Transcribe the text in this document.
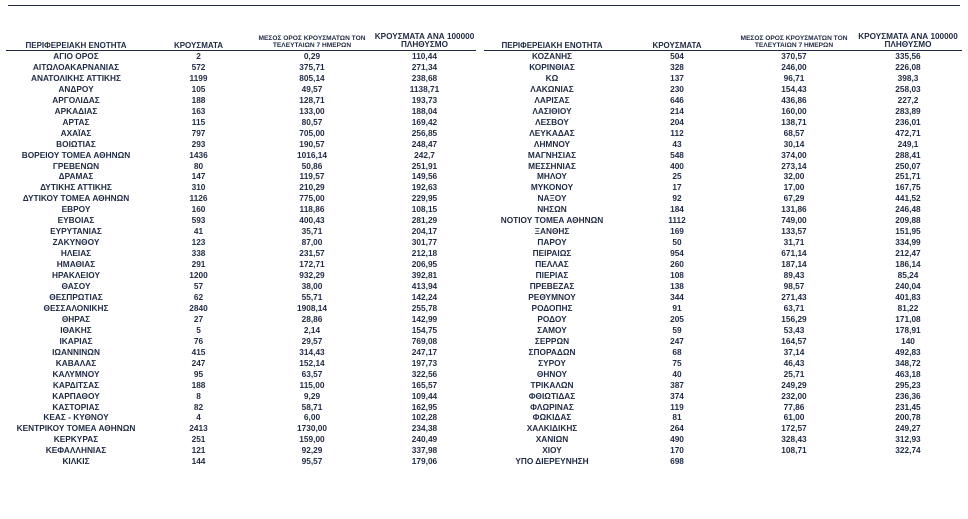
ΠΕΡΙΦΕΡΕΙΑΚΗ ΕΝΟΤΗΤΑ	ΚΡΟΥΣΜΑΤΑ	ΜΕΣΟΣ ΟΡΟΣ ΚΡΟΥΣΜΑΤΩΝ ΤΟΝ ΤΕΛΕΥΤΑΙΩΝ 7 ΗΜΕΡΩΝ	ΚΡΟΥΣΜΑΤΑ ΑΝΑ 100000 ΠΛΗΘΥΣΜΟ
ΑΓΙΟ ΟΡΟΣ	2	0,29	110,44
ΑΙΤΩΛΟΑΚΑΡΝΑΝΙΑΣ	572	375,71	271,34
ΑΝΑΤΟΛΙΚΗΣ ΑΤΤΙΚΗΣ	1199	805,14	238,68
ΑΝΔΡΟΥ	105	49,57	1138,71
ΑΡΓΟΛΙΔΑΣ	188	128,71	193,73
ΑΡΚΑΔΙΑΣ	163	133,00	188,04
ΑΡΤΑΣ	115	80,57	169,42
ΑΧΑΪΑΣ	797	705,00	256,85
ΒΟΙΩΤΙΑΣ	293	190,57	248,47
ΒΟΡΕΙΟΥ ΤΟΜΕΑ ΑΘΗΝΩΝ	1436	1016,14	242,7
ΓΡΕΒΕΝΩΝ	80	50,86	251,91
ΔΡΑΜΑΣ	147	119,57	149,56
ΔΥΤΙΚΗΣ ΑΤΤΙΚΗΣ	310	210,29	192,63
ΔΥΤΙΚΟΥ ΤΟΜΕΑ ΑΘΗΝΩΝ	1126	775,00	229,95
ΕΒΡΟΥ	160	118,86	108,15
ΕΥΒΟΙΑΣ	593	400,43	281,29
ΕΥΡΥΤΑΝΙΑΣ	41	35,71	204,17
ΖΑΚΥΝΘΟΥ	123	87,00	301,77
ΗΛΕΙΑΣ	338	231,57	212,18
ΗΜΑΘΙΑΣ	291	172,71	206,95
ΗΡΑΚΛΕΙΟΥ	1200	932,29	392,81
ΘΑΣΟΥ	57	38,00	413,94
ΘΕΣΠΡΩΤΙΑΣ	62	55,71	142,24
ΘΕΣΣΑΛΟΝΙΚΗΣ	2840	1908,14	255,78
ΘΗΡΑΣ	27	28,86	142,99
ΙΘΑΚΗΣ	5	2,14	154,75
ΙΚΑΡΙΑΣ	76	29,57	769,08
ΙΩΑΝΝΙΝΩΝ	415	314,43	247,17
ΚΑΒΑΛΑΣ	247	152,14	197,73
ΚΑΛΥΜΝΟΥ	95	63,57	322,56
ΚΑΡΔΙΤΣΑΣ	188	115,00	165,57
ΚΑΡΠΑΘΟΥ	8	9,29	109,44
ΚΑΣΤΟΡΙΑΣ	82	58,71	162,95
ΚΕΑΣ - ΚΥΘΝΟΥ	4	6,00	102,28
ΚΕΝΤΡΙΚΟΥ ΤΟΜΕΑ ΑΘΗΝΩΝ	2413	1730,00	234,38
ΚΕΡΚΥΡΑΣ	251	159,00	240,49
ΚΕΦΑΛΛΗΝΙΑΣ	121	92,29	337,98
ΚΙΛΚΙΣ	144	95,57	179,06
ΠΕΡΙΦΕΡΕΙΑΚΗ ΕΝΟΤΗΤΑ	ΚΡΟΥΣΜΑΤΑ	ΜΕΣΟΣ ΟΡΟΣ ΚΡΟΥΣΜΑΤΩΝ ΤΟΝ ΤΕΛΕΥΤΑΙΩΝ 7 ΗΜΕΡΩΝ	ΚΡΟΥΣΜΑΤΑ ΑΝΑ 100000 ΠΛΗΘΥΣΜΟ
ΚΟΖΑΝΗΣ	504	370,57	335,56
ΚΟΡΙΝΘΙΑΣ	328	246,00	226,08
ΚΩ	137	96,71	398,3
ΛΑΚΩΝΙΑΣ	230	154,43	258,03
ΛΑΡΙΣΑΣ	646	436,86	227,2
ΛΑΣΙΘΙΟΥ	214	160,00	283,89
ΛΕΣΒΟΥ	204	138,71	236,01
ΛΕΥΚΑΔΑΣ	112	68,57	472,71
ΛΗΜΝΟΥ	43	30,14	249,1
ΜΑΓΝΗΣΙΑΣ	548	374,00	288,41
ΜΕΣΣΗΝΙΑΣ	400	273,14	250,07
ΜΗΛΟΥ	25	32,00	251,71
ΜΥΚΟΝΟΥ	17	17,00	167,75
ΝΑΞΟΥ	92	67,29	441,52
ΝΗΣΩΝ	184	131,86	246,48
ΝΟΤΙΟΥ ΤΟΜΕΑ ΑΘΗΝΩΝ	1112	749,00	209,88
ΞΑΝΘΗΣ	169	133,57	151,95
ΠΑΡΟΥ	50	31,71	334,99
ΠΕΙΡΑΙΩΣ	954	671,14	212,47
ΠΕΛΛΑΣ	260	187,14	186,14
ΠΙΕΡΙΑΣ	108	89,43	85,24
ΠΡΕΒΕΖΑΣ	138	98,57	240,04
ΡΕΘΥΜΝΟΥ	344	271,43	401,83
ΡΟΔΟΠΗΣ	91	63,71	81,22
ΡΟΔΟΥ	205	156,29	171,08
ΣΑΜΟΥ	59	53,43	178,91
ΣΕΡΡΩΝ	247	164,57	140
ΣΠΟΡΑΔΩΝ	68	37,14	492,83
ΣΥΡΟΥ	75	46,43	348,72
ΘΗΝΟΥ	40	25,71	463,18
ΤΡΙΚΑΛΩΝ	387	249,29	295,23
ΦΘΙΩΤΙΔΑΣ	374	232,00	236,36
ΦΛΩΡΙΝΑΣ	119	77,86	231,45
ΦΩΚΙΔΑΣ	81	61,00	200,78
ΧΑΛΚΙΔΙΚΗΣ	264	172,57	249,27
ΧΑΝΙΩΝ	490	328,43	312,93
ΧΙΟΥ	170	108,71	322,74
ΥΠΟ ΔΙΕΡΕΥΝΗΣΗ	698		
